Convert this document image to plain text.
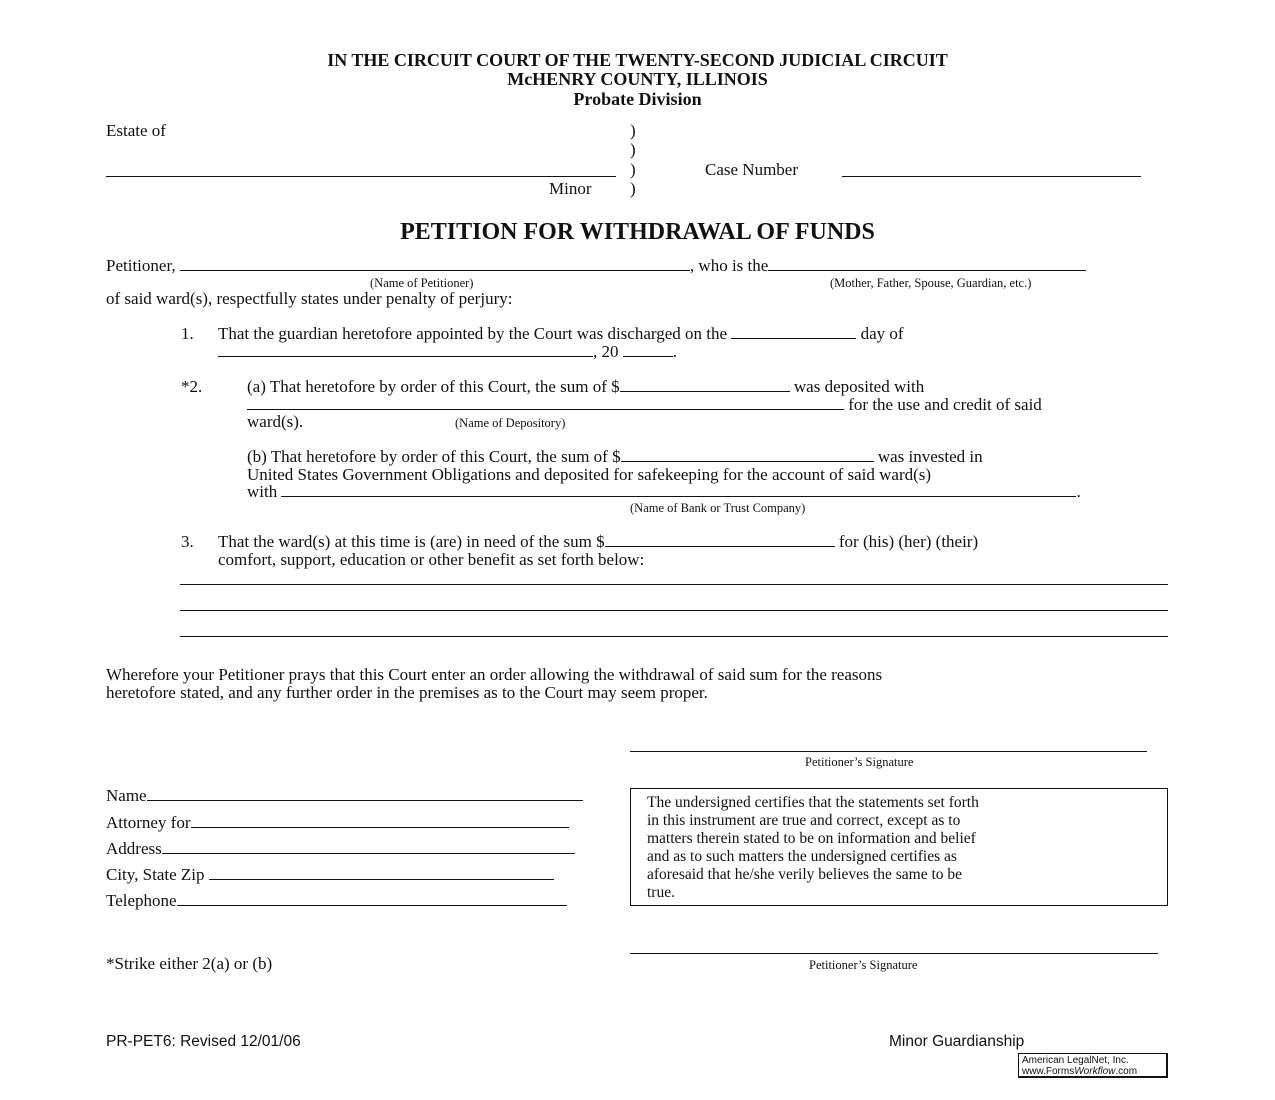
IN THE CIRCUIT COURT OF THE TWENTY-SECOND JUDICIAL CIRCUIT
McHENRY COUNTY, ILLINOIS
Probate Division
Estate of	)
)
)
)
Minor
Case Number
PETITION FOR WITHDRAWAL OF FUNDS
Petitioner,	, who is the
(Name of Petitioner)	(Mother, Father, Spouse, Guardian, etc.)
of said ward(s), respectfully states under penalty of perjury:
1. That the guardian heretofore appointed by the Court was discharged on the	day of
, 20	.
*2.	(a) That heretofore by order of this Court, the sum of $	was deposited with
for the use and credit of said
ward(s).	(Name of Depository)
(b) That heretofore by order of this Court, the sum of $	was invested in
United States Government Obligations and deposited for safekeeping for the account of said ward(s)
with	.
(Name of Bank or Trust Company)
3. That the ward(s) at this time is (are) in need of the sum $	for (his) (her) (their)
comfort, support, education or other benefit as set forth below:
Wherefore your Petitioner prays that this Court enter an order allowing the withdrawal of said sum for the reasons
heretofore stated, and any further order in the premises as to the Court may seem proper.
Petitioner’s Signature
Name
Attorney for
Address
City, State Zip
Telephone
The undersigned certifies that the statements set forth
in this instrument are true and correct, except as to
matters therein stated to be on information and belief
and as to such matters the undersigned certifies as
aforesaid that he/she verily believes the same to be
true.
Petitioner’s Signature
*Strike either 2(a) or (b)
PR-PET6: Revised 12/01/06	Minor Guardianship
American LegalNet, Inc.
www.FormsWorkflow.com
